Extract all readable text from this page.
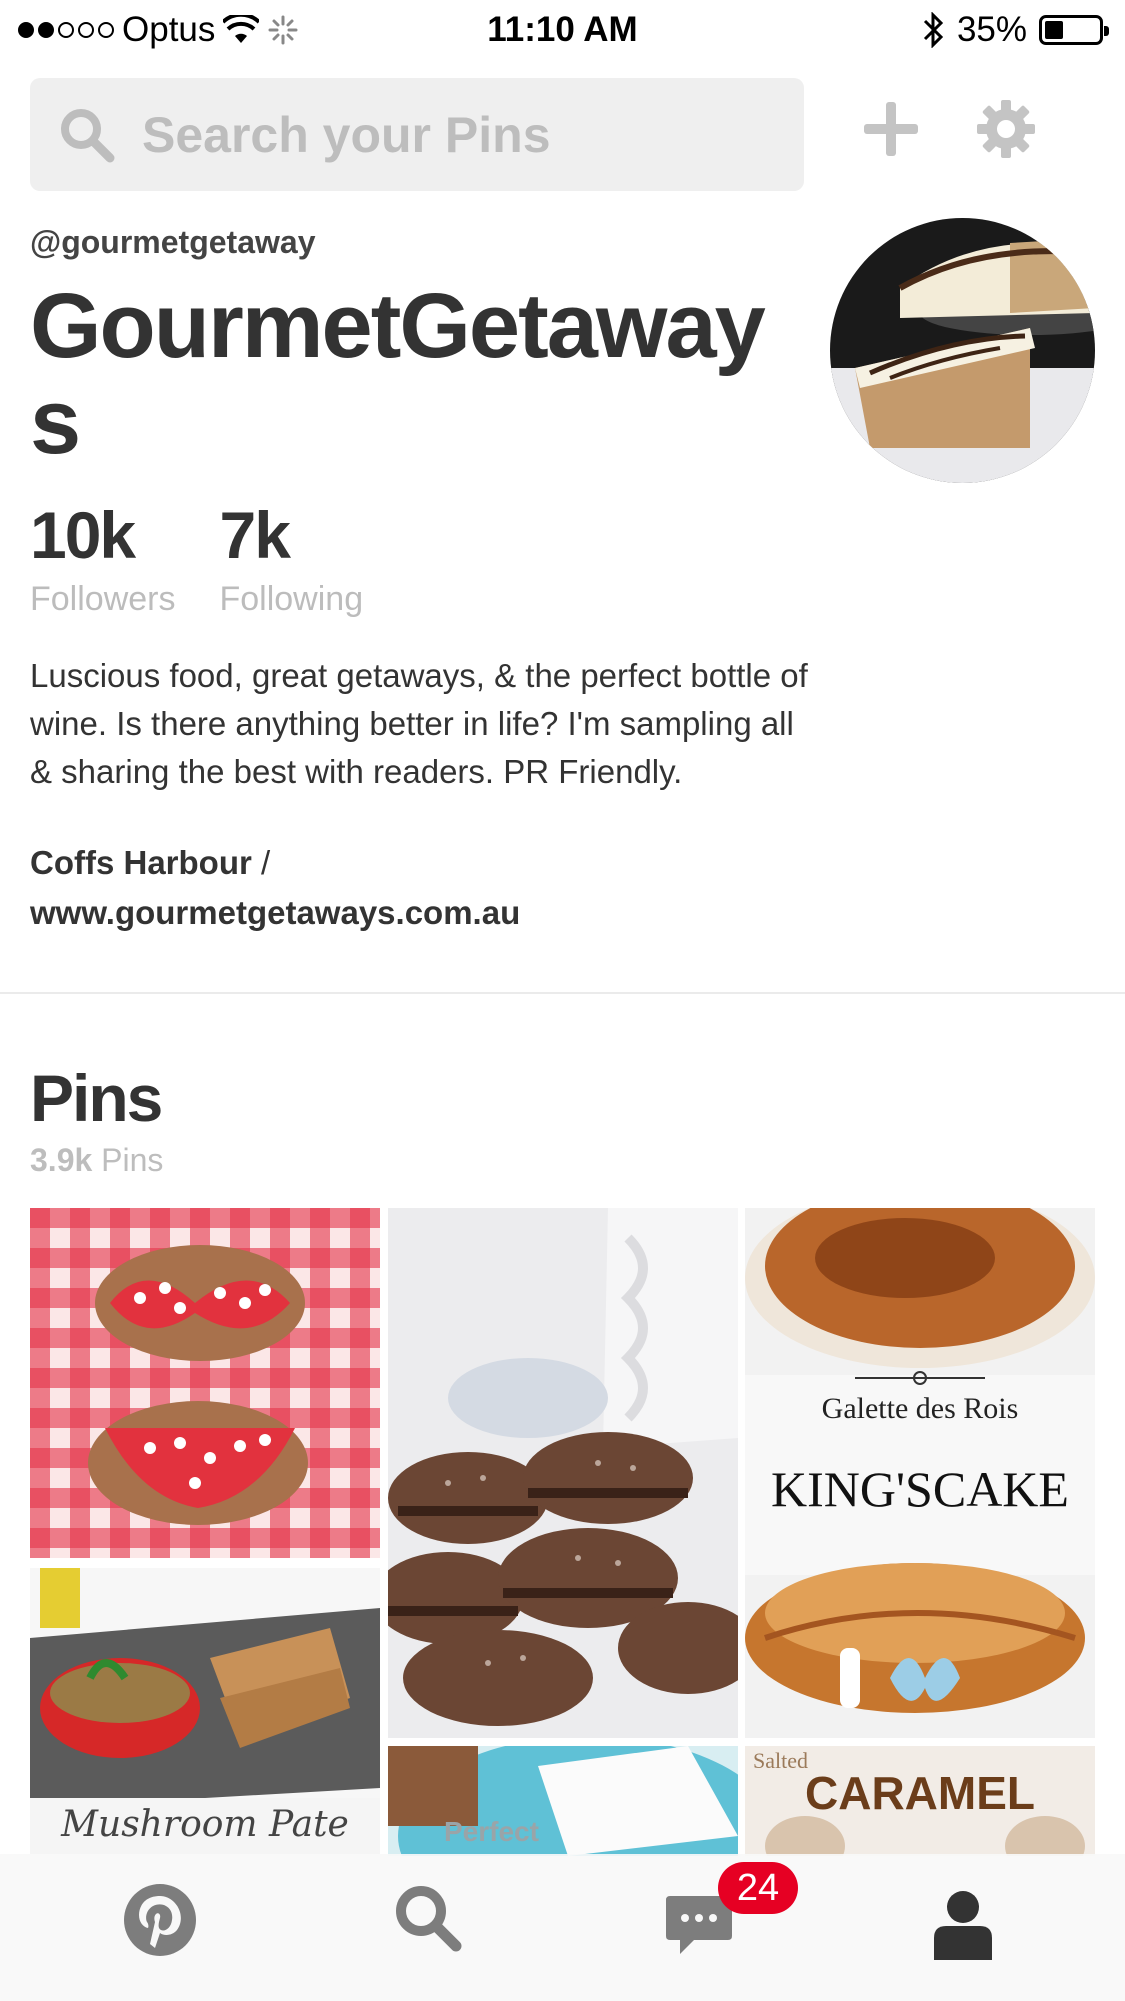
Optus	11:10 AM	35%
Search your Pins
@gourmetgetaway
GourmetGetaways
10k
Followers
7k
Following
Luscious food, great getaways, & the perfect bottle of wine. Is there anything better in life? I'm sampling all & sharing the best with readers. PR Friendly.
Coffs Harbour /
www.gourmetgetaways.com.au
Pins
3.9k Pins
Galette des Rois
KING'SCAKE
Mushroom Pate	Perfect
Salted
CARAMEL
24
